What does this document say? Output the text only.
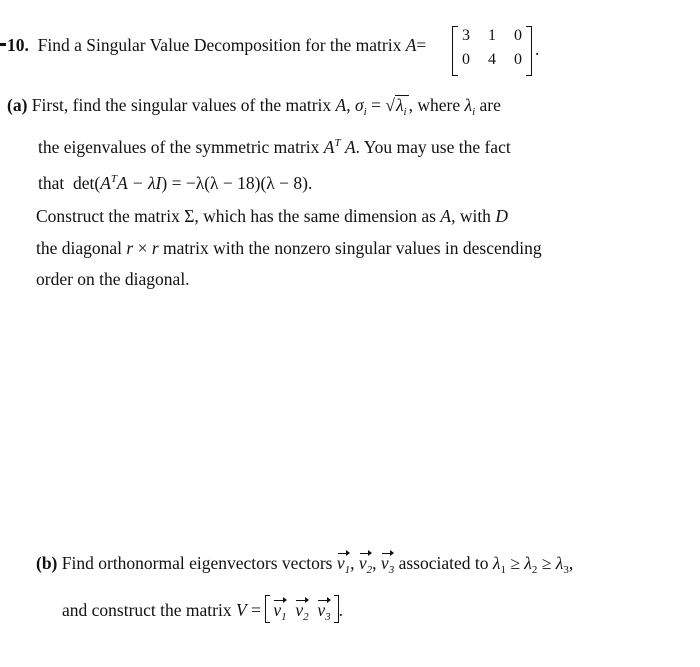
10. Find a Singular Value Decomposition for the matrix A= 3 1 0
0 4 0
.
(a) First, find the singular values of the matrix A, $\sigma_i = √\lambda_i$ , where $\lambda_i$ are
the eigenvalues of the symmetric matrix $A^T$ A. You may use the fact
that $\det(A^TA - \lambda I) = -\lambda(\lambda - 18)(\lambda - 8)$.
Construct the matrix Σ, which has the same dimension as A, with D
the diagonal r × r matrix with the nonzero singular values in descending
order on the diagonal.
(b) Find orthonormal eigenvectors vectors $v_1$, $v_2$, $v_3$ associated to $\lambda_1 \ge \lambda_2 \ge \lambda_3$,
and construct the matrix $V = v_1$ $v_2$ $v_3$ .
